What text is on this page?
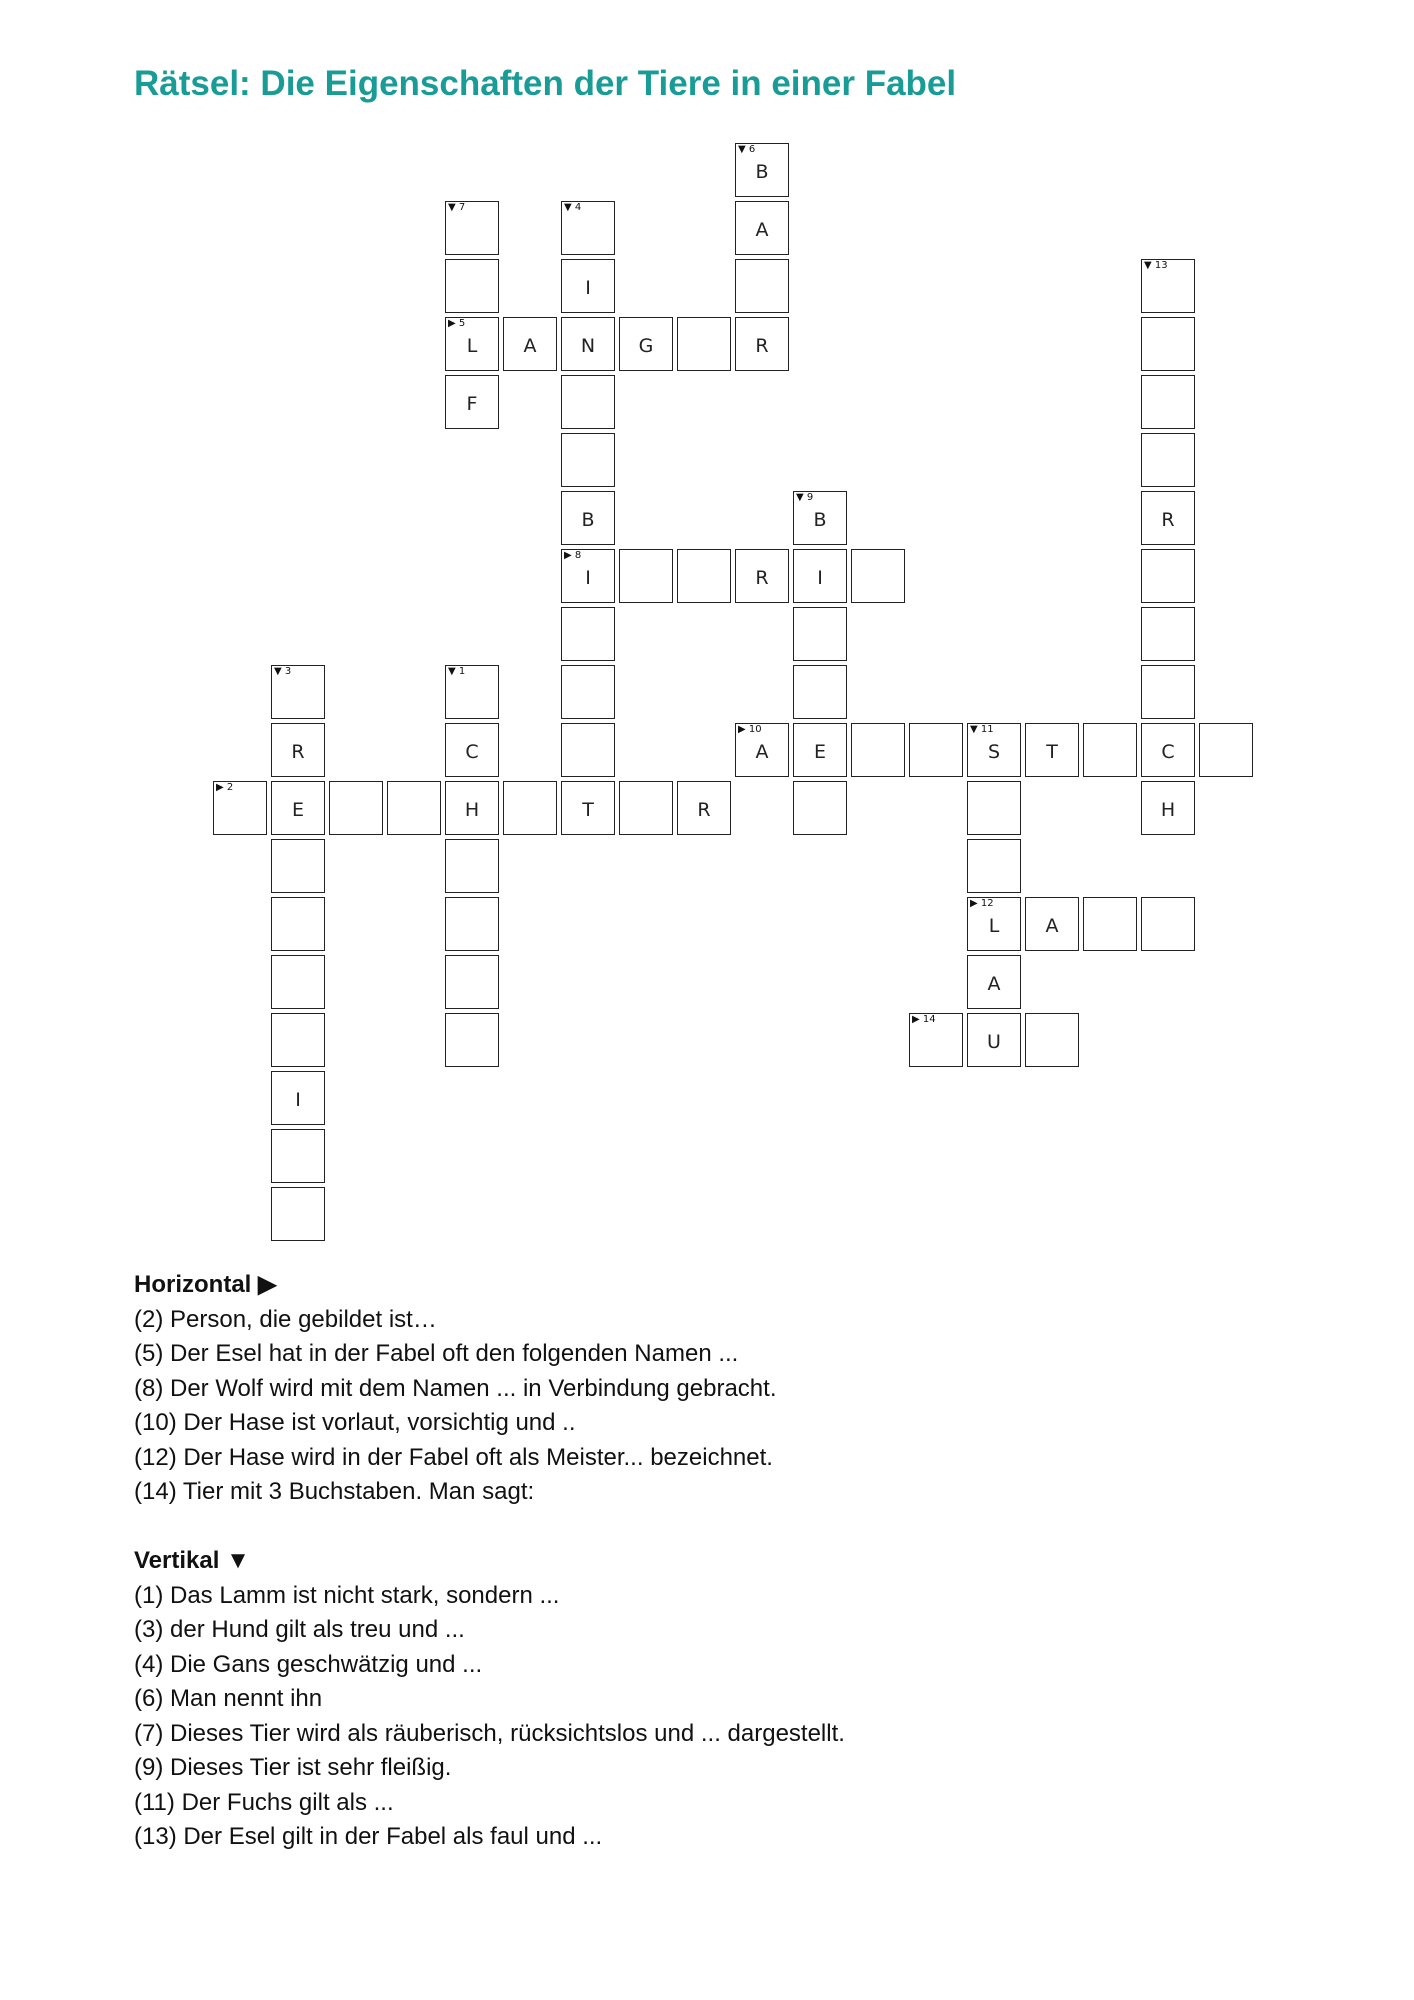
Rätsel: Die Eigenschaften der Tiere in einer Fabel
▼ 6
B
A
R
▼ 7
▶ 5
L
F
▼ 4
I
N
B
▶ 8
I
T
A	G
▼ 13
R
C
H
▼ 9
B
I
E
R
▼ 3
R
E
I
▼ 1
C
H
▶ 2
R
▶ 10
A
▼ 11
S	T
▶ 12
L
A
U
A
▶ 14
Horizontal ▶
(2) Person, die gebildet ist…
(5) Der Esel hat in der Fabel oft den folgenden Namen ...
(8) Der Wolf wird mit dem Namen ... in Verbindung gebracht.
(10) Der Hase ist vorlaut, vorsichtig und ..
(12) Der Hase wird in der Fabel oft als Meister... bezeichnet.
(14) Tier mit 3 Buchstaben. Man sagt:
Vertikal ▼
(1) Das Lamm ist nicht stark, sondern ...
(3) der Hund gilt als treu und ...
(4) Die Gans geschwätzig und ...
(6) Man nennt ihn
(7) Dieses Tier wird als räuberisch, rücksichtslos und ... dargestellt.
(9) Dieses Tier ist sehr fleißig.
(11) Der Fuchs gilt als ...
(13) Der Esel gilt in der Fabel als faul und ...
